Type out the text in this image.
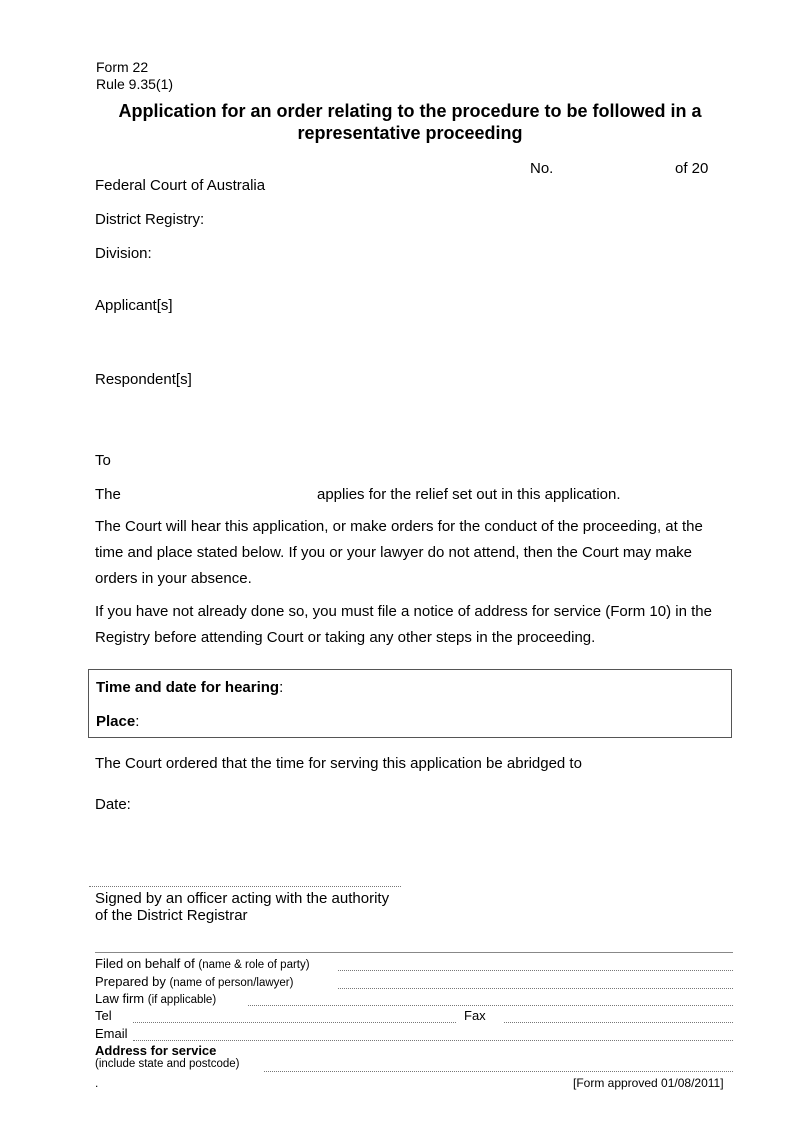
Form 22
Rule 9.35(1)
Application for an order relating to the procedure to be followed in a
representative proceeding
No.	of 20
Federal Court of Australia
District Registry:
Division:
Applicant[s]
Respondent[s]
To
The	applies for the relief set out in this application.
The Court will hear this application, or make orders for the conduct of the proceeding, at the time and place stated below. If you or your lawyer do not attend, then the Court may make orders in your absence.
If you have not already done so, you must file a notice of address for service (Form 10) in the Registry before attending Court or taking any other steps in the proceeding.
Time and date for hearing:
Place:
The Court ordered that the time for serving this application be abridged to
Date:
Signed by an officer acting with the authority
of the District Registrar
Filed on behalf of (name & role of party)
Prepared by (name of person/lawyer)
Law firm (if applicable)
Tel	Fax
Email
Address for service
(include state and postcode)
.	[Form approved 01/08/2011]
